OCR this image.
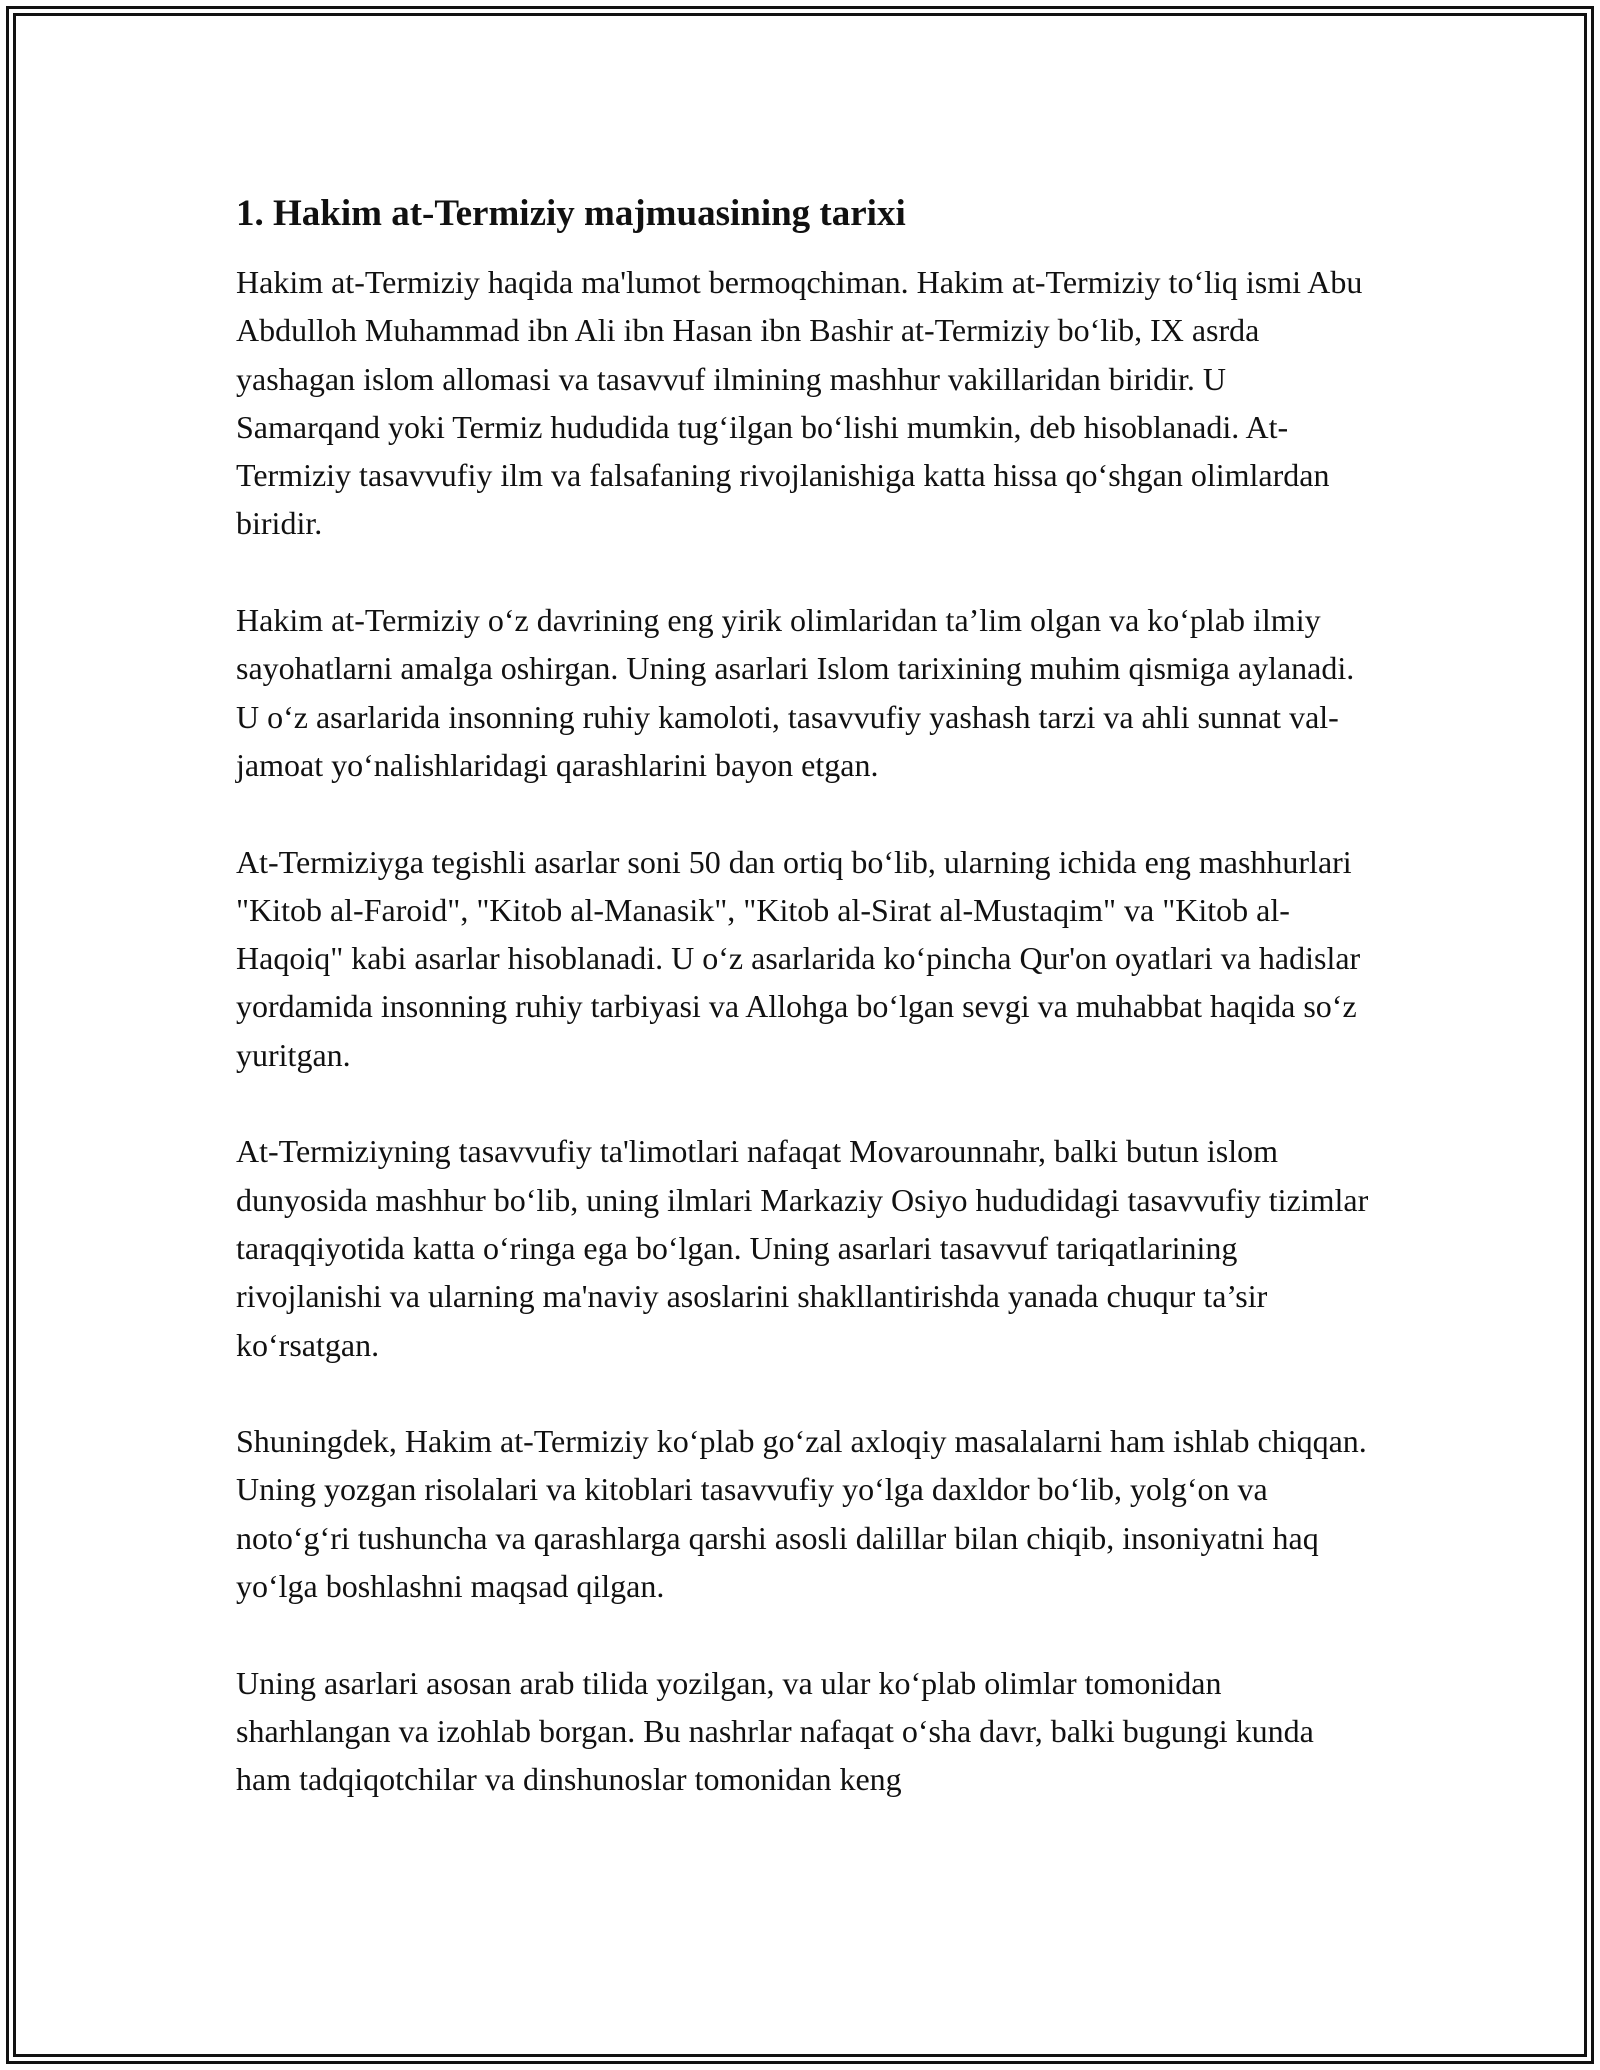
1. Hakim at-Termiziy majmuasining tarixi

Hakim at-Termiziy haqida ma'lumot bermoqchiman. Hakim at-Termiziy to‘liq ismi Abu Abdulloh Muhammad ibn Ali ibn Hasan ibn Bashir at-Termiziy bo‘lib, IX asrda yashagan islom allomasi va tasavvuf ilmining mashhur vakillaridan biridir. U Samarqand yoki Termiz hududida tug‘ilgan bo‘lishi mumkin, deb hisoblanadi. At-Termiziy tasavvufiy ilm va falsafaning rivojlanishiga katta hissa qo‘shgan olimlardan biridir.

Hakim at-Termiziy o‘z davrining eng yirik olimlaridan ta’lim olgan va ko‘plab ilmiy sayohatlarni amalga oshirgan. Uning asarlari Islom tarixining muhim qismiga aylanadi. U o‘z asarlarida insonning ruhiy kamoloti, tasavvufiy yashash tarzi va ahli sunnat val-jamoat yo‘nalishlaridagi qarashlarini bayon etgan.

At-Termiziyga tegishli asarlar soni 50 dan ortiq bo‘lib, ularning ichida eng mashhurlari "Kitob al-Faroid", "Kitob al-Manasik", "Kitob al-Sirat al-Mustaqim" va "Kitob al-Haqoiq" kabi asarlar hisoblanadi. U o‘z asarlarida ko‘pincha Qur'on oyatlari va hadislar yordamida insonning ruhiy tarbiyasi va Allohga bo‘lgan sevgi va muhabbat haqida so‘z yuritgan.

At-Termiziyning tasavvufiy ta'limotlari nafaqat Movarounnahr, balki butun islom dunyosida mashhur bo‘lib, uning ilmlari Markaziy Osiyo hududidagi tasavvufiy tizimlar taraqqiyotida katta o‘ringa ega bo‘lgan. Uning asarlari tasavvuf tariqatlarining rivojlanishi va ularning ma'naviy asoslarini shakllantirishda yanada chuqur ta’sir ko‘rsatgan.

Shuningdek, Hakim at-Termiziy ko‘plab go‘zal axloqiy masalalarni ham ishlab chiqqan. Uning yozgan risolalari va kitoblari tasavvufiy yo‘lga daxldor bo‘lib, yolg‘on va noto‘g‘ri tushuncha va qarashlarga qarshi asosli dalillar bilan chiqib, insoniyatni haq yo‘lga boshlashni maqsad qilgan.

Uning asarlari asosan arab tilida yozilgan, va ular ko‘plab olimlar tomonidan sharhlangan va izohlab borgan. Bu nashrlar nafaqat o‘sha davr, balki bugungi kunda ham tadqiqotchilar va dinshunoslar tomonidan keng
